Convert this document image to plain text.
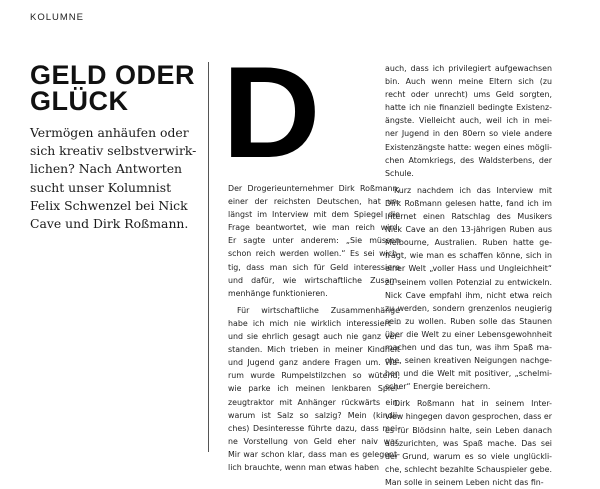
KOLUMNE
GELD ODER
GLÜCK

Vermögen anhäufen oder
sich kreativ selbstverwirk-
lichen? Nach Antworten
sucht unser Kolumnist
Felix Schwenzel bei Nick
Cave und Dirk Roßmann.

D
Der Drogerieunternehmer Dirk Roßmann,
einer der reichsten Deutschen, hat un-
längst im Interview mit dem Spiegel die
Frage beantwortet, wie man reich wird.
Er sagte unter anderem: „Sie müssen
schon reich werden wollen.“ Es sei wich-
tig, dass man sich für Geld interessiere
und dafür, wie wirtschaftliche Zusam-
menhänge funktionieren.
Für wirtschaftliche Zusammenhänge
habe ich mich nie wirklich interessiert –
und sie ehrlich gesagt auch nie ganz ver-
standen. Mich trieben in meiner Kindheit
und Jugend ganz andere Fragen um. Wa-
rum wurde Rumpelstilzchen so wütend,
wie parke ich meinen lenkbaren Spiel-
zeugtraktor mit Anhänger rückwärts ein,
warum ist Salz so salzig? Mein (kindli-
ches) Desinteresse führte dazu, dass mei-
ne Vorstellung von Geld eher naiv war.
Mir war schon klar, dass man es gelegent-
lich brauchte, wenn man etwas haben
auch, dass ich privilegiert aufgewachsen
bin. Auch wenn meine Eltern sich (zu
recht oder unrecht) ums Geld sorgten,
hatte ich nie finanziell bedingte Existenz-
ängste. Vielleicht auch, weil ich in mei-
ner Jugend in den 80ern so viele andere
Existenzängste hatte: wegen eines mögli-
chen Atomkriegs, des Waldsterbens, der
Schule.
Kurz nachdem ich das Interview mit
Dirk Roßmann gelesen hatte, fand ich im
Internet einen Ratschlag des Musikers
Nick Cave an den 13-jährigen Ruben aus
Melbourne, Australien. Ruben hatte ge-
fragt, wie man es schaffen könne, sich in
einer Welt „voller Hass und Ungleichheit“
zu seinem vollen Potenzial zu entwickeln.
Nick Cave empfahl ihm, nicht etwa reich
zu werden, sondern grenzenlos neugierig
sein zu wollen. Ruben solle das Staunen
über die Welt zu einer Lebensgewohnheit
machen und das tun, was ihm Spaß ma-
che, seinen kreativen Neigungen nachge-
hen und die Welt mit positiver, „schelmi-
scher“ Energie bereichern.
Dirk Roßmann hat in seinem Inter-
view hingegen davon gesprochen, dass er
es für Blödsinn halte, sein Leben danach
auszurichten, was Spaß mache. Das sei
der Grund, warum es so viele unglückli-
che, schlecht bezahlte Schauspieler gebe.
Man solle in seinem Leben nicht das fin-
